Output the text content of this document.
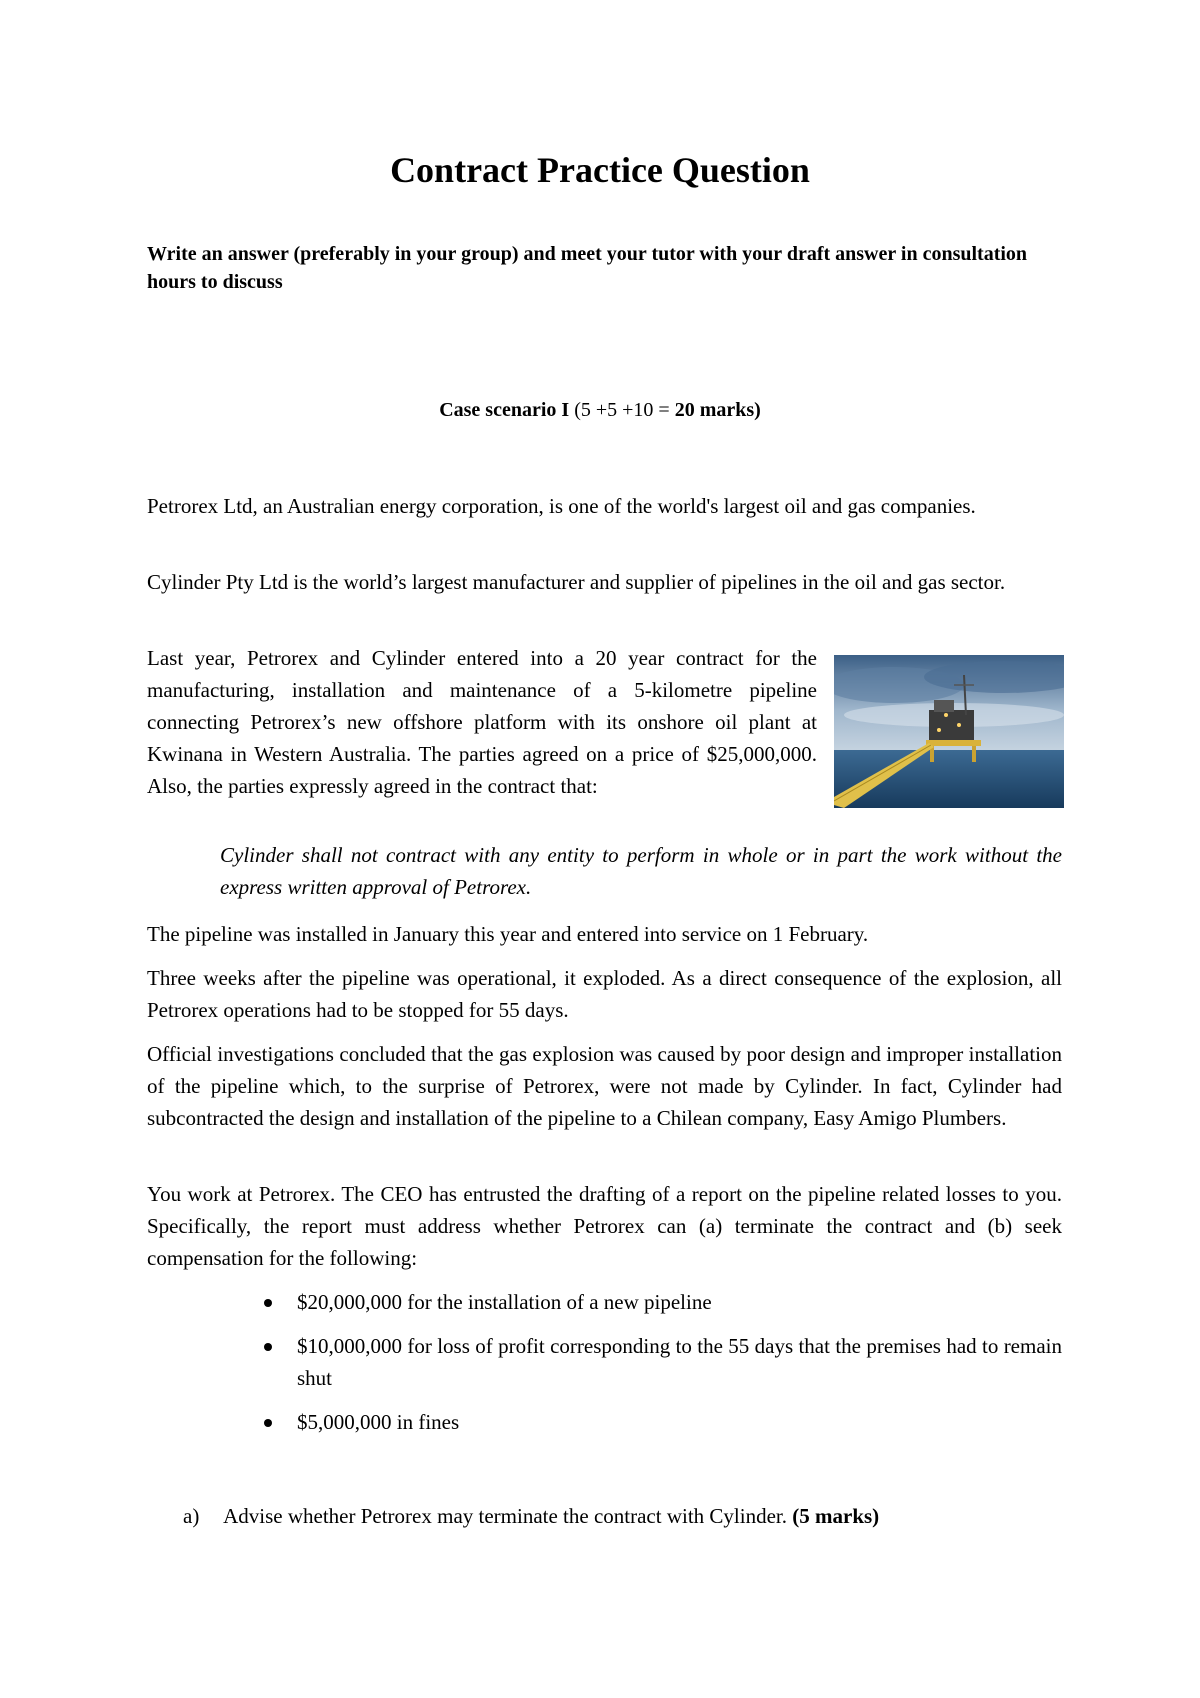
Contract Practice Question
Write an answer (preferably in your group) and meet your tutor with your draft answer in consultation hours to discuss
Case scenario I (5 +5 +10 = 20 marks)

Petrorex Ltd, an Australian energy corporation, is one of the world's largest oil and gas companies.

Cylinder Pty Ltd is the world’s largest manufacturer and supplier of pipelines in the oil and gas sector.

Last year, Petrorex and Cylinder entered into a 20 year contract for the manufacturing, installation and maintenance of a 5-kilometre pipeline connecting Petrorex’s new offshore platform with its onshore oil plant at Kwinana in Western Australia. The parties agreed on a price of $25,000,000. Also, the parties expressly agreed in the contract that:

Cylinder shall not contract with any entity to perform in whole or in part the work without the express written approval of Petrorex.

The pipeline was installed in January this year and entered into service on 1 February.

Three weeks after the pipeline was operational, it exploded. As a direct consequence of the explosion, all Petrorex operations had to be stopped for 55 days.

Official investigations concluded that the gas explosion was caused by poor design and improper installation of the pipeline which, to the surprise of Petrorex, were not made by Cylinder. In fact, Cylinder had subcontracted the design and installation of the pipeline to a Chilean company, Easy Amigo Plumbers.

You work at Petrorex. The CEO has entrusted the drafting of a report on the pipeline related losses to you. Specifically, the report must address whether Petrorex can (a) terminate the contract and (b) seek compensation for the following:

$20,000,000 for the installation of a new pipeline
$10,000,000 for loss of profit corresponding to the 55 days that the premises had to remain shut
$5,000,000 in fines

a) Advise whether Petrorex may terminate the contract with Cylinder. (5 marks)
